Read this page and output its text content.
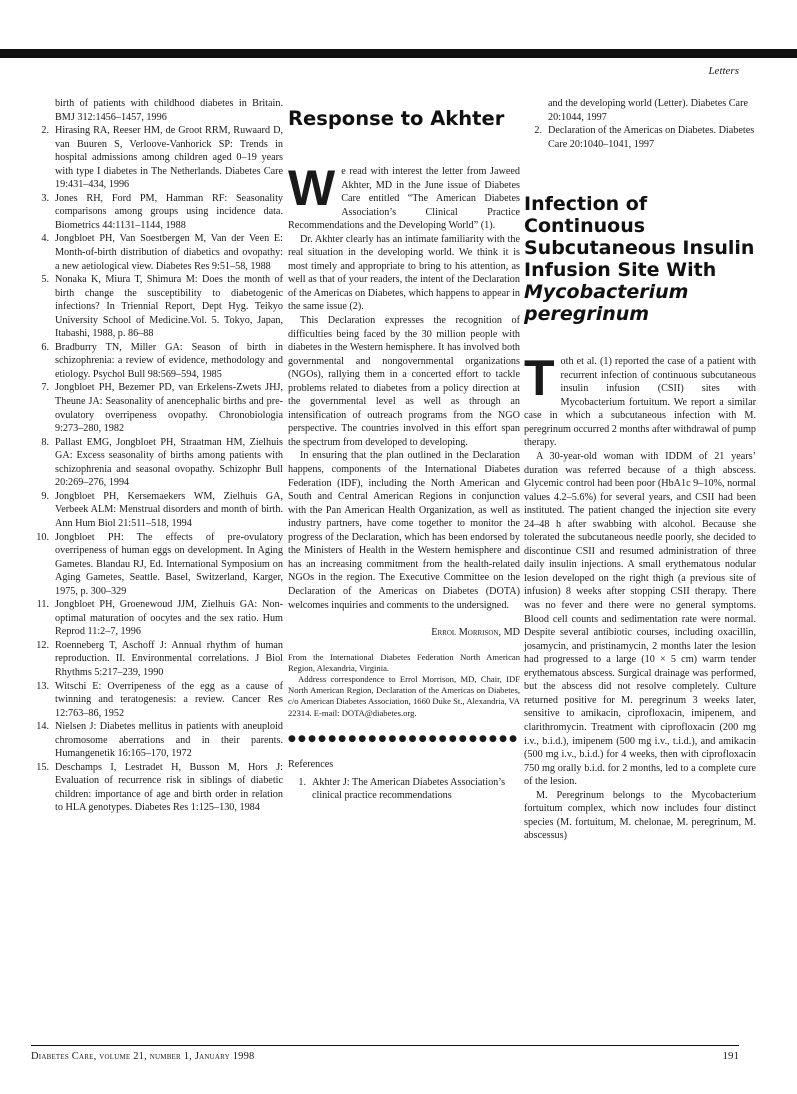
Letters
birth of patients with childhood diabetes in Britain. BMJ 312:1456–1457, 1996
2. Hirasing RA, Reeser HM, de Groot RRM, Ruwaard D, van Buuren S, Verloove-Vanhorick SP: Trends in hospital admissions among children aged 0–19 years with type I diabetes in The Netherlands. Diabetes Care 19:431–434, 1996
3. Jones RH, Ford PM, Hamman RF: Seasonality comparisons among groups using incidence data. Biometrics 44:1131–1144, 1988
4. Jongbloet PH, Van Soestbergen M, Van der Veen E: Month-of-birth distribution of diabetics and ovopathy: a new aetiological view. Diabetes Res 9:51–58, 1988
5. Nonaka K, Miura T, Shimura M: Does the month of birth change the susceptibility to diabetogenic infections? In Triennial Report, Dept Hyg. Teikyo University School of Medicine.Vol. 5. Tokyo, Japan, Itabashi, 1988, p. 86–88
6. Bradburry TN, Miller GA: Season of birth in schizophrenia: a review of evidence, methodology and etiology. Psychol Bull 98:569–594, 1985
7. Jongbloet PH, Bezemer PD, van Erkelens-Zwets JHJ, Theune JA: Seasonality of anencephalic births and pre-ovulatory overripeness ovopathy. Chronobiologia 9:273–280, 1982
8. Pallast EMG, Jongbloet PH, Straatman HM, Zielhuis GA: Excess seasonality of births among patients with schizophrenia and seasonal ovopathy. Schizophr Bull 20:269–276, 1994
9. Jongbloet PH, Kersemaekers WM, Zielhuis GA, Verbeek ALM: Menstrual disorders and month of birth. Ann Hum Biol 21:511–518, 1994
10. Jongbloet PH: The effects of pre-ovulatory overripeness of human eggs on development. In Aging Gametes. Blandau RJ, Ed. International Symposium on Aging Gametes, Seattle. Basel, Switzerland, Karger, 1975, p. 300–329
11. Jongbloet PH, Groenewoud JJM, Zielhuis GA: Non-optimal maturation of oocytes and the sex ratio. Hum Reprod 11:2–7, 1996
12. Roenneberg T, Aschoff J: Annual rhythm of human reproduction. II. Environmental correlations. J Biol Rhythms 5:217–239, 1990
13. Witschi E: Overripeness of the egg as a cause of twinning and teratogenesis: a review. Cancer Res 12:763–86, 1952
14. Nielsen J: Diabetes mellitus in patients with aneuploid chromosome aberrations and in their parents. Humangenetik 16:165–170, 1972
15. Deschamps I, Lestradet H, Busson M, Hors J: Evaluation of recurrence risk in siblings of diabetic children: importance of age and birth order in relation to HLA genotypes. Diabetes Res 1:125–130, 1984
Response to Akhter

We read with interest the letter from Jaweed Akhter, MD in the June issue of Diabetes Care entitled “The American Diabetes Association’s Clinical Practice Recommendations and the Developing World” (1).

Dr. Akhter clearly has an intimate familiarity with the real situation in the developing world. We think it is most timely and appropriate to bring to his attention, as well as that of your readers, the intent of the Declaration of the Americas on Diabetes, which happens to appear in the same issue (2).

This Declaration expresses the recognition of difficulties being faced by the 30 million people with diabetes in the Western hemisphere. It has involved both governmental and nongovernmental organizations (NGOs), rallying them in a concerted effort to tackle problems related to diabetes from a policy direction at the governmental level as well as through an intensification of outreach programs from the NGO perspective. The countries involved in this effort span the spectrum from developed to developing.

In ensuring that the plan outlined in the Declaration happens, components of the International Diabetes Federation (IDF), including the North American and South and Central American Regions in conjunction with the Pan American Health Organization, as well as industry partners, have come together to monitor the progress of the Declaration, which has been endorsed by the Ministers of Health in the Western hemisphere and has an increasing commitment from the health-related NGOs in the region. The Executive Committee on the Declaration of the Americas on Diabetes (DOTA) welcomes inquiries and comments to the undersigned.

Errol Morrison, MD
From the International Diabetes Federation North American Region, Alexandria, Virginia.
Address correspondence to Errol Morrison, MD, Chair, IDF North American Region, Declaration of the Americas on Diabetes, c/o American Diabetes Association, 1660 Duke St., Alexandria, VA 22314. E-mail: DOTA@diabetes.org.
●●●●●●●●●●●●●●●●●●●●●●●
References
1. Akhter J: The American Diabetes Association’s clinical practice recommendations
and the developing world (Letter). Diabetes Care 20:1044, 1997
2. Declaration of the Americas on Diabetes. Diabetes Care 20:1040–1041, 1997
Infection of Continuous Subcutaneous Insulin Infusion Site With Mycobacterium peregrinum

Toth et al. (1) reported the case of a patient with recurrent infection of continuous subcutaneous insulin infusion (CSII) sites with Mycobacterium fortuitum. We report a similar case in which a subcutaneous infection with M. peregrinum occurred 2 months after withdrawal of pump therapy.

A 30-year-old woman with IDDM of 21 years’ duration was referred because of a thigh abscess. Glycemic control had been poor (HbA1c 9–10%, normal values 4.2–5.6%) for several years, and CSII had been instituted. The patient changed the injection site every 24–48 h after swabbing with alcohol. Because she tolerated the subcutaneous needle poorly, she decided to discontinue CSII and resumed administration of three daily insulin injections. A small erythematous nodular lesion developed on the right thigh (a previous site of infusion) 8 weeks after stopping CSII therapy. There was no fever and there were no general symptoms. Blood cell counts and sedimentation rate were normal. Despite several antibiotic courses, including oxacillin, josamycin, and pristinamycin, 2 months later the lesion had progressed to a large (10 × 5 cm) warm tender erythematous abscess. Surgical drainage was performed, but the abscess did not resolve completely. Culture returned positive for M. peregrinum 3 weeks later, sensitive to amikacin, ciprofloxacin, imipenem, and clarithromycin. Treatment with ciprofloxacin (200 mg i.v., b.i.d.), imipenem (500 mg i.v., t.i.d.), and amikacin (500 mg i.v., b.i.d.) for 4 weeks, then with ciprofloxacin 750 mg orally b.i.d. for 2 months, led to a complete cure of the lesion.

M. Peregrinum belongs to the Mycobacterium fortuitum complex, which now includes four distinct species (M. fortuitum, M. chelonae, M. peregrinum, M. abscessus)

Diabetes Care, volume 21, number 1, January 1998	191
